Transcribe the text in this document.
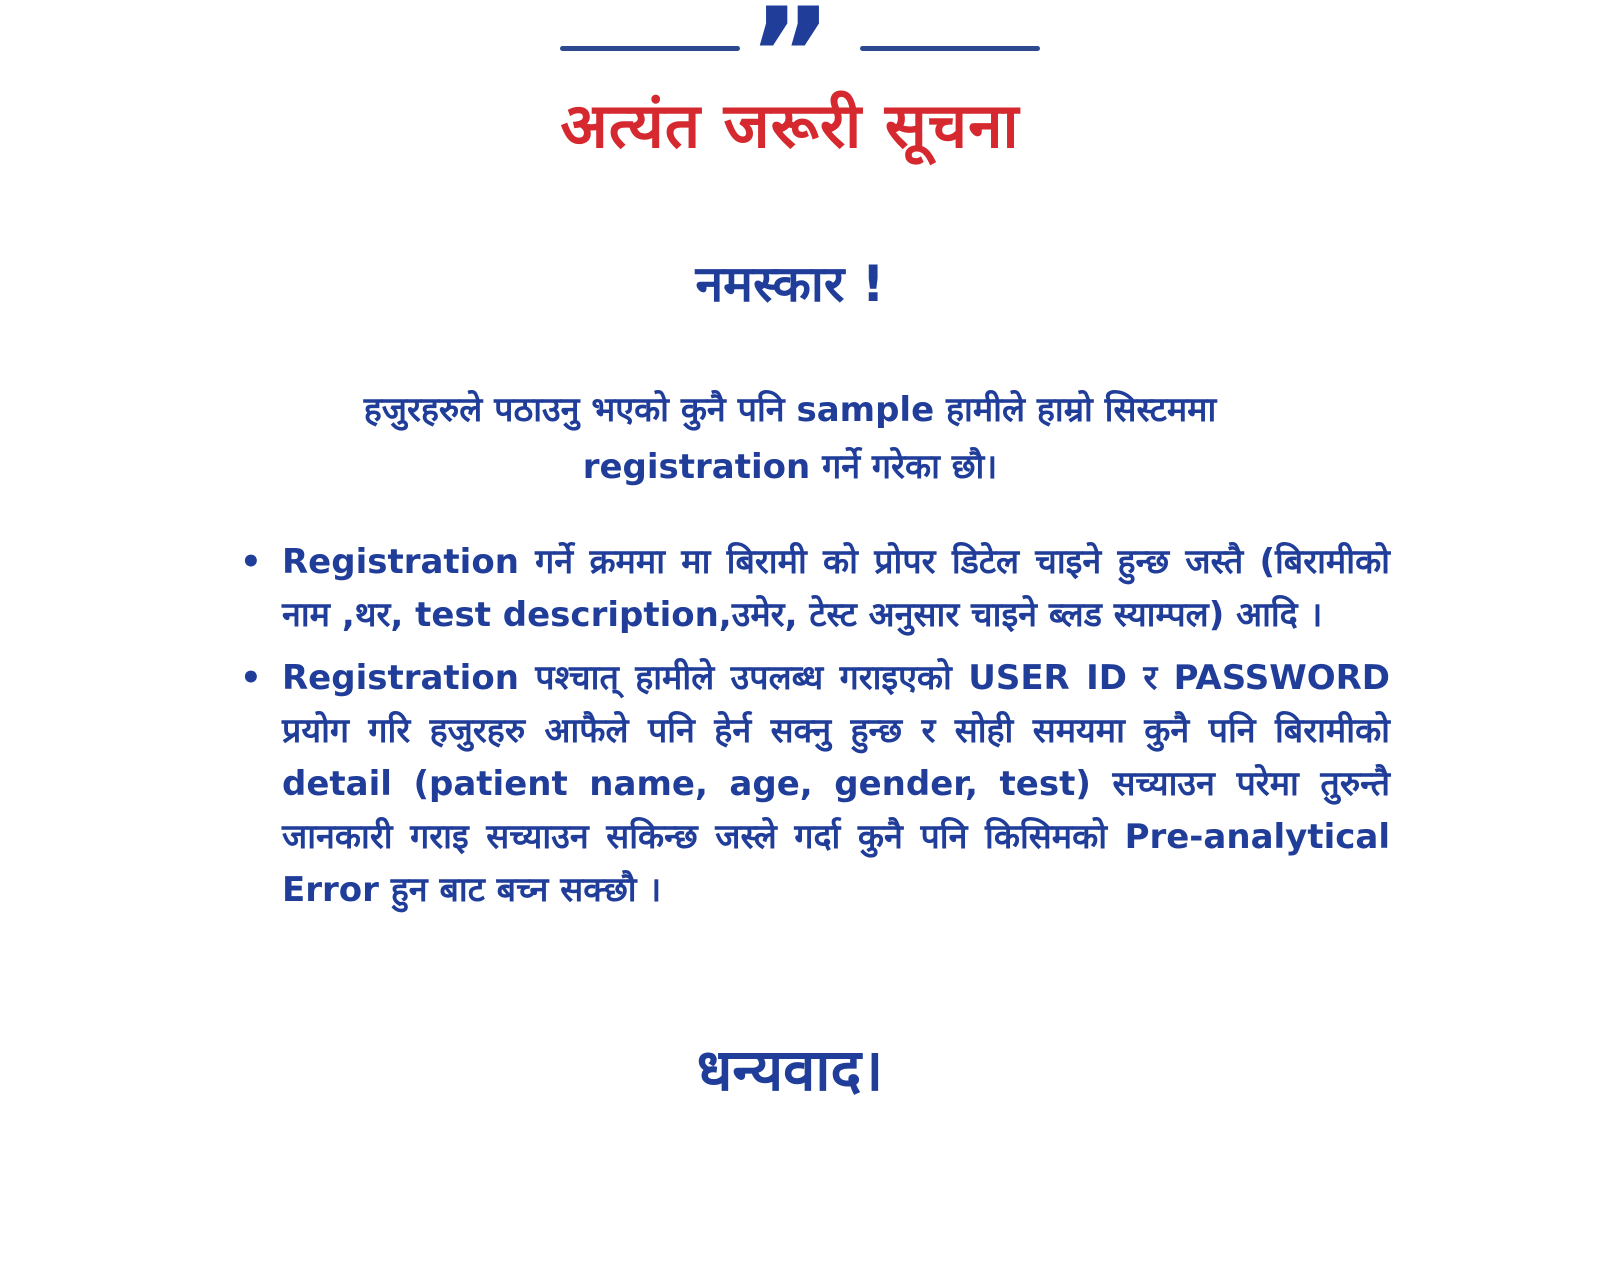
”
अत्यंत जरूरी सूचना
नमस्कार !
हजुरहरुले पठाउनु भएको कुनै पनि sample हामीले हाम्रो सिस्टममा
registration गर्ने गरेका छौ।
• Registration गर्ने क्रममा मा बिरामी को प्रोपर डिटेल चाइने हुन्छ जस्तै (बिरामीको नाम ,थर, test description,उमेर, टेस्ट अनुसार चाइने ब्लड स्याम्पल) आदि ।
• Registration पश्चात् हामीले उपलब्ध गराइएको USER ID र PASSWORD प्रयोग गरि हजुरहरु आफैले पनि हेर्न सक्नु हुन्छ र सोही समयमा कुनै पनि बिरामीको detail (patient name, age, gender, test) सच्याउन परेमा तुरुन्तै जानकारी गराइ सच्याउन सकिन्छ जस्ले गर्दा कुनै पनि किसिमको Pre-analytical Error हुन बाट बच्न सक्छौ ।
धन्यवाद।
